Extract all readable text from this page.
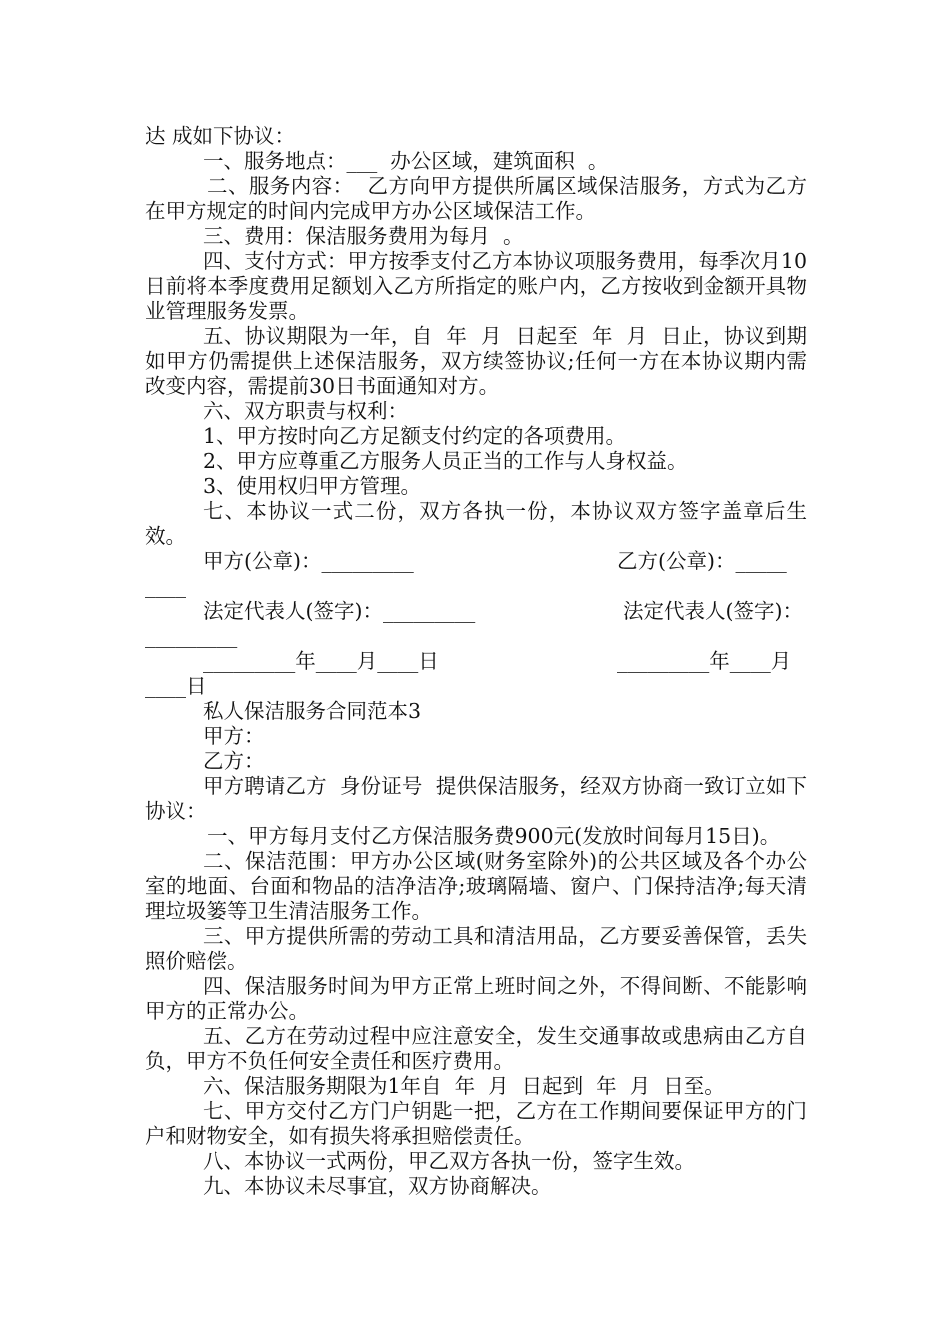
达 成如下协议：

一、服务地点：___  办公区域，建筑面积  。

二、服务内容：  乙方向甲方提供所属区域保洁服务，方式为乙方在甲方规定的时间内完成甲方办公区域保洁工作。

三、费用：保洁服务费用为每月  。

四、支付方式：甲方按季支付乙方本协议项服务费用，每季次月10日前将本季度费用足额划入乙方所指定的账户内，乙方按收到金额开具物业管理服务发票。

五、协议期限为一年，自  年  月  日起至  年  月  日止，协议到期如甲方仍需提供上述保洁服务，双方续签协议;任何一方在本协议期内需改变内容，需提前30日书面通知对方。

六、双方职责与权利：

1、甲方按时向乙方足额支付约定的各项费用。

2、甲方应尊重乙方服务人员正当的工作与人身权益。

3、使用权归甲方管理。

七、本协议一式二份，双方各执一份，本协议双方签字盖章后生效。

甲方(公章)：_________

	乙方(公章)：_____

____

法定代表人(签字)：_________

	法定代表人(签字)：

_________

_________年____月____日

	_________年____月

____日

私人保洁服务合同范本3

甲方：

乙方：

甲方聘请乙方  身份证号  提供保洁服务，经双方协商一致订立如下协议：

一、甲方每月支付乙方保洁服务费900元(发放时间每月15日)。

二、保洁范围：甲方办公区域(财务室除外)的公共区域及各个办公室的地面、台面和物品的洁净洁净;玻璃隔墙、窗户、门保持洁净;每天清理垃圾篓等卫生清洁服务工作。

三、甲方提供所需的劳动工具和清洁用品，乙方要妥善保管，丢失照价赔偿。

四、保洁服务时间为甲方正常上班时间之外，不得间断、不能影响甲方的正常办公。

五、乙方在劳动过程中应注意安全，发生交通事故或患病由乙方自负，甲方不负任何安全责任和医疗费用。

六、保洁服务期限为1年自  年  月  日起到  年  月  日至。

七、甲方交付乙方门户钥匙一把，乙方在工作期间要保证甲方的门户和财物安全，如有损失将承担赔偿责任。

八、本协议一式两份，甲乙双方各执一份，签字生效。

九、本协议未尽事宜，双方协商解决。
